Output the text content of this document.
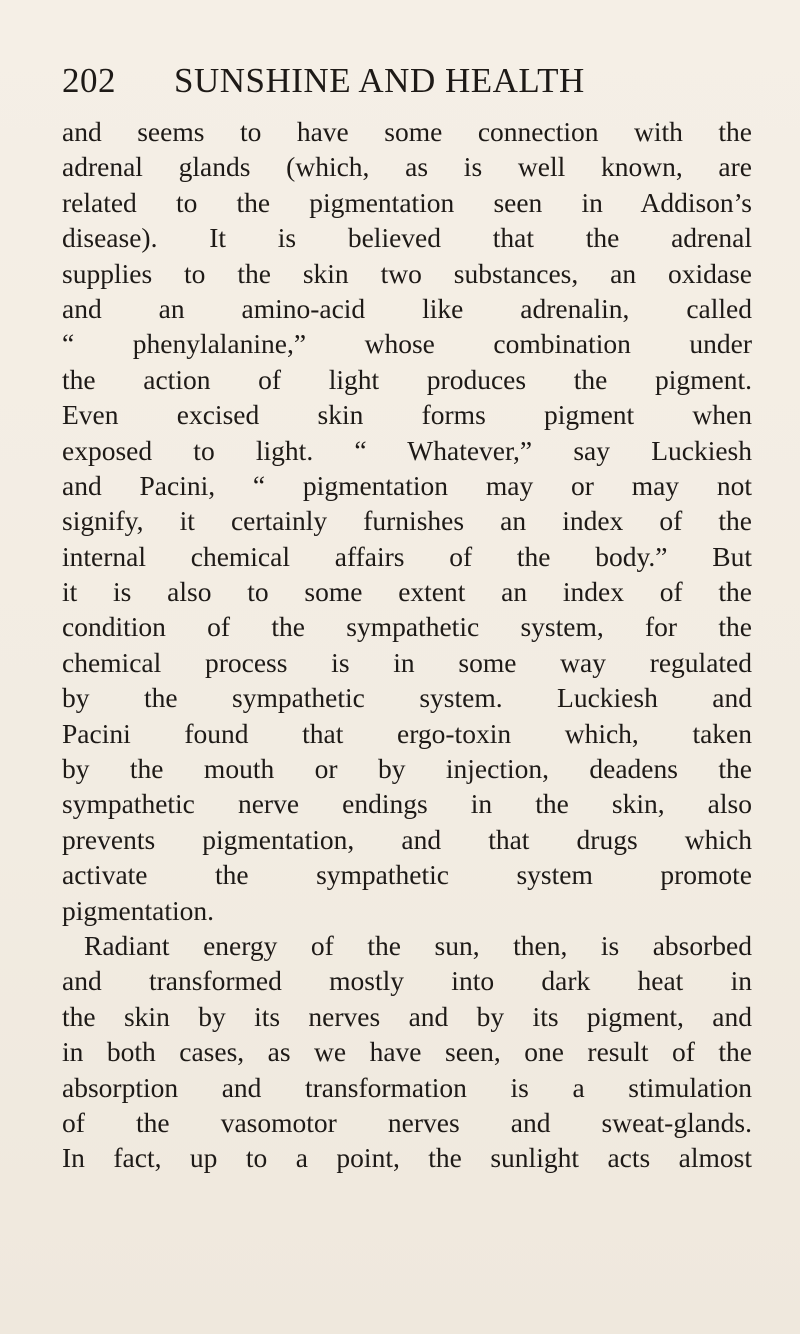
202 SUNSHINE AND HEALTH
and seems to have some connection with the
adrenal glands (which, as is well known, are
related to the pigmentation seen in Addison’s
disease). It is believed that the adrenal
supplies to the skin two substances, an oxidase
and an amino-acid like adrenalin, called
“ phenylalanine,” whose combination under
the action of light produces the pigment.
Even excised skin forms pigment when
exposed to light. “ Whatever,” say Luckiesh
and Pacini, “ pigmentation may or may not
signify, it certainly furnishes an index of the
internal chemical affairs of the body.” But
it is also to some extent an index of the
condition of the sympathetic system, for the
chemical process is in some way regulated
by the sympathetic system. Luckiesh and
Pacini found that ergo-toxin which, taken
by the mouth or by injection, deadens the
sympathetic nerve endings in the skin, also
prevents pigmentation, and that drugs which
activate the sympathetic system promote
pigmentation.
Radiant energy of the sun, then, is absorbed
and transformed mostly into dark heat in
the skin by its nerves and by its pigment, and
in both cases, as we have seen, one result of the
absorption and transformation is a stimulation
of the vasomotor nerves and sweat-glands.
In fact, up to a point, the sunlight acts almost
